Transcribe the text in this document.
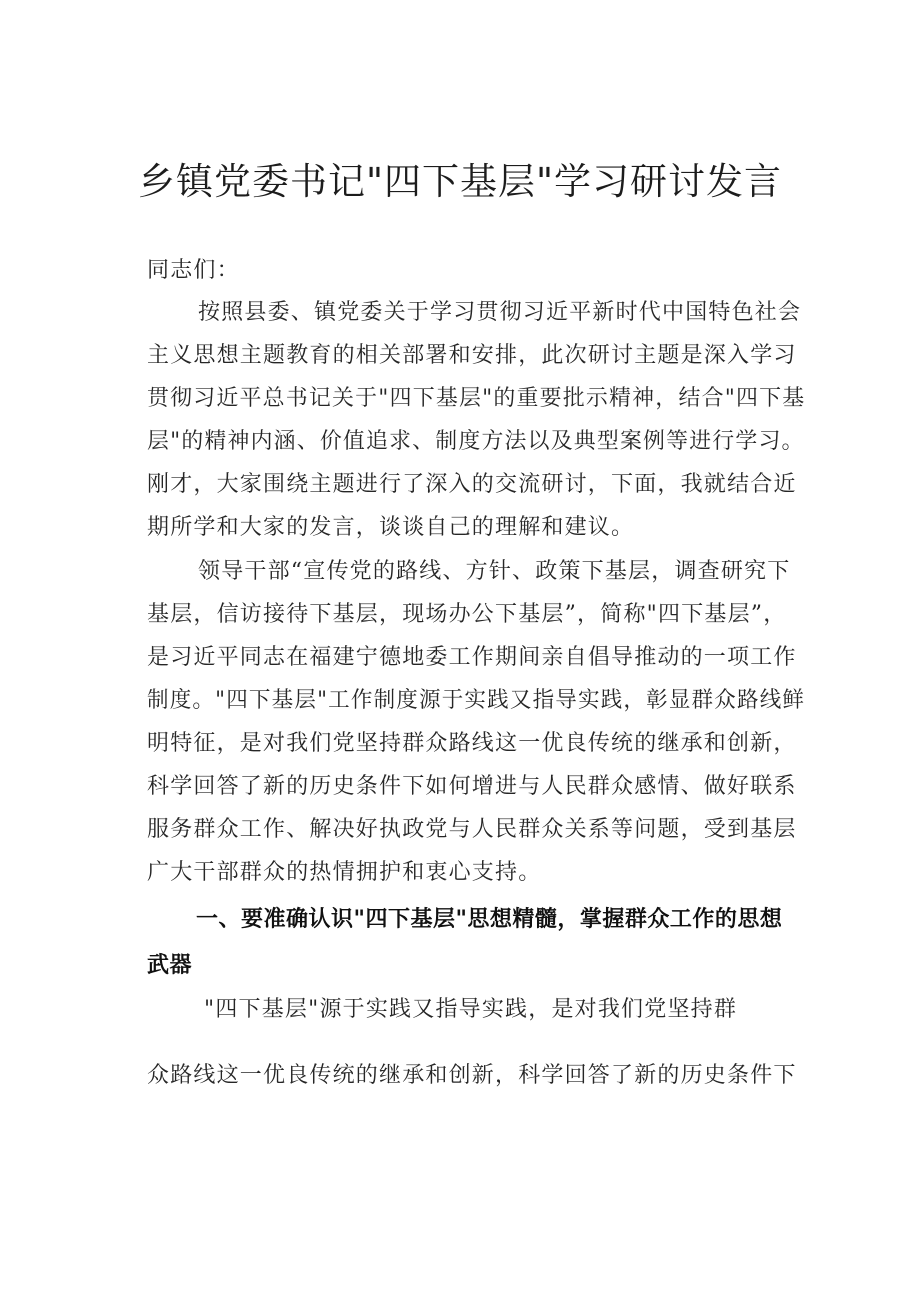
乡镇党委书记"四下基层"学习研讨发言
同志们：
按照县委、镇党委关于学习贯彻习近平新时代中国特色社会
主义思想主题教育的相关部署和安排，此次研讨主题是深入学习
贯彻习近平总书记关于"四下基层"的重要批示精神，结合"四下基
层"的精神内涵、价值追求、制度方法以及典型案例等进行学习。
刚才，大家围绕主题进行了深入的交流研讨，下面，我就结合近
期所学和大家的发言，谈谈自己的理解和建议。
领导干部“宣传党的路线、方针、政策下基层，调查研究下
基层，信访接待下基层，现场办公下基层”，简称"四下基层”，
是习近平同志在福建宁德地委工作期间亲自倡导推动的一项工作
制度。"四下基层"工作制度源于实践又指导实践，彰显群众路线鲜
明特征，是对我们党坚持群众路线这一优良传统的继承和创新，
科学回答了新的历史条件下如何增进与人民群众感情、做好联系
服务群众工作、解决好执政党与人民群众关系等问题，受到基层
广大干部群众的热情拥护和衷心支持。
一、要准确认识"四下基层"思想精髓，掌握群众工作的思想
武器
"四下基层"源于实践又指导实践，是对我们党坚持群
众路线这一优良传统的继承和创新，科学回答了新的历史条件下
